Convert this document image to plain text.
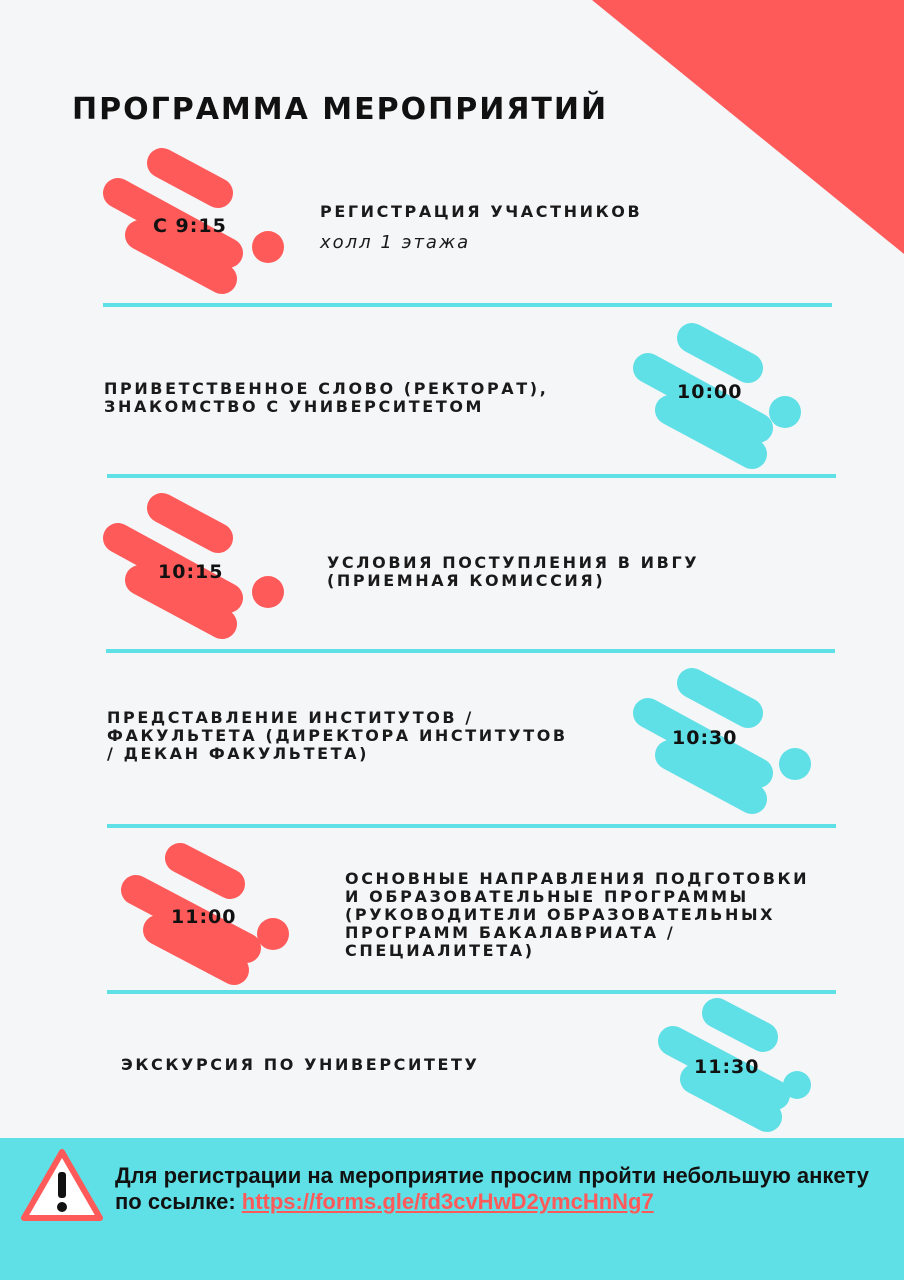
ПРОГРАММА МЕРОПРИЯТИЙ
С 9:15
РЕГИСТРАЦИЯ УЧАСТНИКОВ
холл 1 этажа
10:00
ПРИВЕТСТВЕННОЕ СЛОВО (РЕКТОРАТ),
ЗНАКОМСТВО С УНИВЕРСИТЕТОМ
10:15	УСЛОВИЯ ПОСТУПЛЕНИЯ В ИВГУ
(ПРИЕМНАЯ КОМИССИЯ)
10:30
ПРЕДСТАВЛЕНИЕ ИНСТИТУТОВ /
ФАКУЛЬТЕТА (ДИРЕКТОРА ИНСТИТУТОВ
/ ДЕКАН ФАКУЛЬТЕТА)
11:00
ОСНОВНЫЕ НАПРАВЛЕНИЯ ПОДГОТОВКИ
И ОБРАЗОВАТЕЛЬНЫЕ ПРОГРАММЫ
(РУКОВОДИТЕЛИ ОБРАЗОВАТЕЛЬНЫХ
ПРОГРАММ БАКАЛАВРИАТА /
СПЕЦИАЛИТЕТА)
11:30
ЭКСКУРСИЯ ПО УНИВЕРСИТЕТУ

Для регистрации на мероприятие просим пройти небольшую анкету по ссылке: https://forms.gle/fd3cvHwD2ymcHnNg7
